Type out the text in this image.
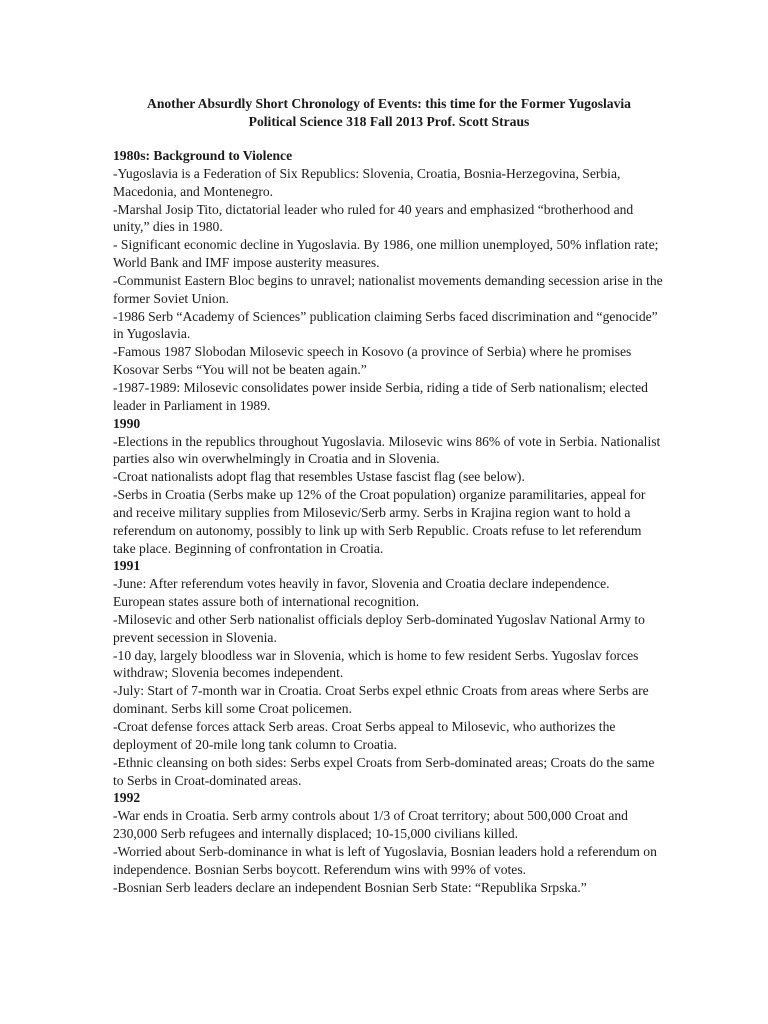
Another Absurdly Short Chronology of Events: this time for the Former Yugoslavia
Political Science 318 Fall 2013 Prof. Scott Straus

1980s: Background to Violence

-Yugoslavia is a Federation of Six Republics: Slovenia, Croatia, Bosnia-Herzegovina, Serbia, Macedonia, and Montenegro.

-Marshal Josip Tito, dictatorial leader who ruled for 40 years and emphasized “brotherhood and unity,” dies in 1980.

- Significant economic decline in Yugoslavia. By 1986, one million unemployed, 50% inflation rate; World Bank and IMF impose austerity measures.

-Communist Eastern Bloc begins to unravel; nationalist movements demanding secession arise in the former Soviet Union.

-1986 Serb “Academy of Sciences” publication claiming Serbs faced discrimination and “genocide” in Yugoslavia.

-Famous 1987 Slobodan Milosevic speech in Kosovo (a province of Serbia) where he promises Kosovar Serbs “You will not be beaten again.”

-1987-1989: Milosevic consolidates power inside Serbia, riding a tide of Serb nationalism; elected leader in Parliament in 1989.

1990

-Elections in the republics throughout Yugoslavia. Milosevic wins 86% of vote in Serbia. Nationalist parties also win overwhelmingly in Croatia and in Slovenia.

-Croat nationalists adopt flag that resembles Ustase fascist flag (see below).

-Serbs in Croatia (Serbs make up 12% of the Croat population) organize paramilitaries, appeal for and receive military supplies from Milosevic/Serb army. Serbs in Krajina region want to hold a referendum on autonomy, possibly to link up with Serb Republic. Croats refuse to let referendum take place. Beginning of confrontation in Croatia.

1991

-June: After referendum votes heavily in favor, Slovenia and Croatia declare independence. European states assure both of international recognition.

-Milosevic and other Serb nationalist officials deploy Serb-dominated Yugoslav National Army to prevent secession in Slovenia.

-10 day, largely bloodless war in Slovenia, which is home to few resident Serbs. Yugoslav forces withdraw; Slovenia becomes independent.

-July: Start of 7-month war in Croatia. Croat Serbs expel ethnic Croats from areas where Serbs are dominant. Serbs kill some Croat policemen.

-Croat defense forces attack Serb areas. Croat Serbs appeal to Milosevic, who authorizes the deployment of 20-mile long tank column to Croatia.

-Ethnic cleansing on both sides: Serbs expel Croats from Serb-dominated areas; Croats do the same to Serbs in Croat-dominated areas.

1992

-War ends in Croatia. Serb army controls about 1/3 of Croat territory; about 500,000 Croat and 230,000 Serb refugees and internally displaced; 10-15,000 civilians killed.

-Worried about Serb-dominance in what is left of Yugoslavia, Bosnian leaders hold a referendum on independence. Bosnian Serbs boycott. Referendum wins with 99% of votes.

-Bosnian Serb leaders declare an independent Bosnian Serb State: “Republika Srpska.”
